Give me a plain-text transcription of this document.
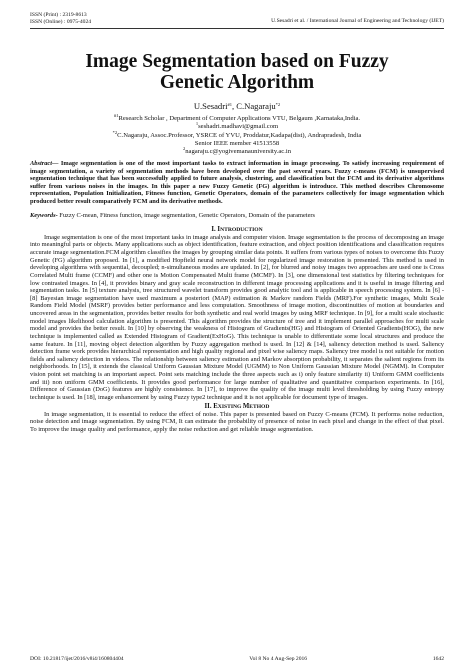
ISSN (Print) : 2319-8613
ISSN (Online) : 0975-4024	U.Sesadri et al. / International Journal of Engineering and Technology (IJET)
Image Segmentation based on Fuzzy
Genetic Algorithm
U.Sesadri$^{\#1}$, C.Nagaraju$^{*2}$
$^{\#1}$Research Scholar , Department of Computer Applications VTU, Belgaum ,Karnataka,India.
$^1$seshadri.madhavi@gmail.com
$^{*2}$C.Nagaraju, Assoc.Professor, YSRCE of YVU, Proddatur,Kadapa(dist), Andrapradesh, India
Senior IEEE member 41513558
$^2$nagaraju.c@yogivemanauniversity.ac.in

Abstract— Image segmentation is one of the most important tasks to extract information in image processing. To satisfy increasing requirement of image segmentation, a variety of segmentation methods have been developed over the past several years. Fuzzy c-means (FCM) is unsupervised segmentation technique that has been successfully applied to future analysis, clustering, and classification but the FCM and its derivative algorithms suffer from various noises in the images. In this paper a new Fuzzy Genetic (FG) algorithm is introduce. This method describes Chromosome representation, Population Initialization, Fitness function, Genetic Operators, domain of the parameters collectively for image segmentation which produced better result comparatively FCM and its derivative methods.

Keywords- Fuzzy C-mean, Fitness function, image segmentation, Genetic Operators, Domain of the parameters

I. INTRODUCTION

Image segmentation is one of the most important tasks in image analysis and computer vision. Image segmentation is the process of decomposing an image into meaningful parts or objects. Many applications such as object identification, feature extraction, and object position identifications and classification requires accurate image segmentation.FCM algorithm classifies the images by grouping similar data points. It suffers from various types of noises to overcome this Fuzzy Genetic (FG) algorithm proposed. In [1], a modified Hopfield neural network model for regularized image restoration is presented. This method is used in developing algorithms with sequential, decoupled; n-simultaneous modes are updated. In [2], for blurred and noisy images two approaches are used one is Cross Correlated Multi frame (CCMF) and other one is Motion Compensated Multi frame (MCMF). In [3], one dimensional test statistics by filtering techniques for low contrasted images. In [4], it provides binary and gray scale reconstruction in different image processing applications and it is useful in image filtering and segmentation tasks. In [5] texture analysis, tree structured wavelet transform provides good analytic tool and is applicable in speech processing system. In [6] - [8] Bayesian image segmentation have used maximum a posteriori (MAP) estimation & Markov random Fields (MRF).For synthetic images, Multi Scale Random Field Model (MSRF) provides better performance and less computation. Smoothness of image motion, discontinuities of motion at boundaries and uncovered areas in the segmentation, provides better results for both synthetic and real world images by using MRF technique. In [9], for a multi scale stochastic model images likelihood calculation algorithm is presented. This algorithm provides the structure of tree and it implement parallel approaches for multi scale model and provides the better result. In [10] by observing the weakness of Histogram of Gradients(HG) and Histogram of Oriented Gradients(HOG), the new technique is implemented called as Extended Histogram of Gradient(ExHoG). This technique is unable to differentiate some local structures and produce the same feature. In [11], moving object detection algorithm by Fuzzy aggregation method is used. In [12] & [14], saliency detection method is used. Saliency detection frame work provides hierarchical representation and high quality regional and pixel wise saliency maps. Saliency tree model is not suitable for motion fields and saliency detection in videos. The relationship between saliency estimation and Markov absorption probability, it separates the salient regions from its neighborhoods. In [15], it extends the classical Uniform Gaussian Mixture Model (UGMM) to Non Uniform Gaussian Mixture Model (NGMM). In Computer vision point set matching is an important aspect. Point sets matching include the three aspects such as i) only feature similarity ii) Uniform GMM coefficients and iii) non uniform GMM coefficients. It provides good performance for large number of qualitative and quantitative comparison experiments. In [16], Difference of Gaussian (DoG) features are highly consistence. In [17], to improve the quality of the image multi level thresholding by using Fuzzy entropy technique is used. In [18], image enhancement by using Fuzzy type2 technique and it is not applicable for document type of images.

II. EXISTING METHOD

In image segmentation, it is essential to reduce the effect of noise. This paper is presented based on Fuzzy C-means (FCM). It performs noise reduction, noise detection and image segmentation. By using FCM, It can estimate the probability of presence of noise in each pixel and change in the effect of that pixel. To improve the image quality and performance, apply the noise reduction and get reliable image segmentation.

DOI: 10.21817/ijet/2016/v8i4/160804404	Vol 8 No 4 Aug-Sep 2016	1642
